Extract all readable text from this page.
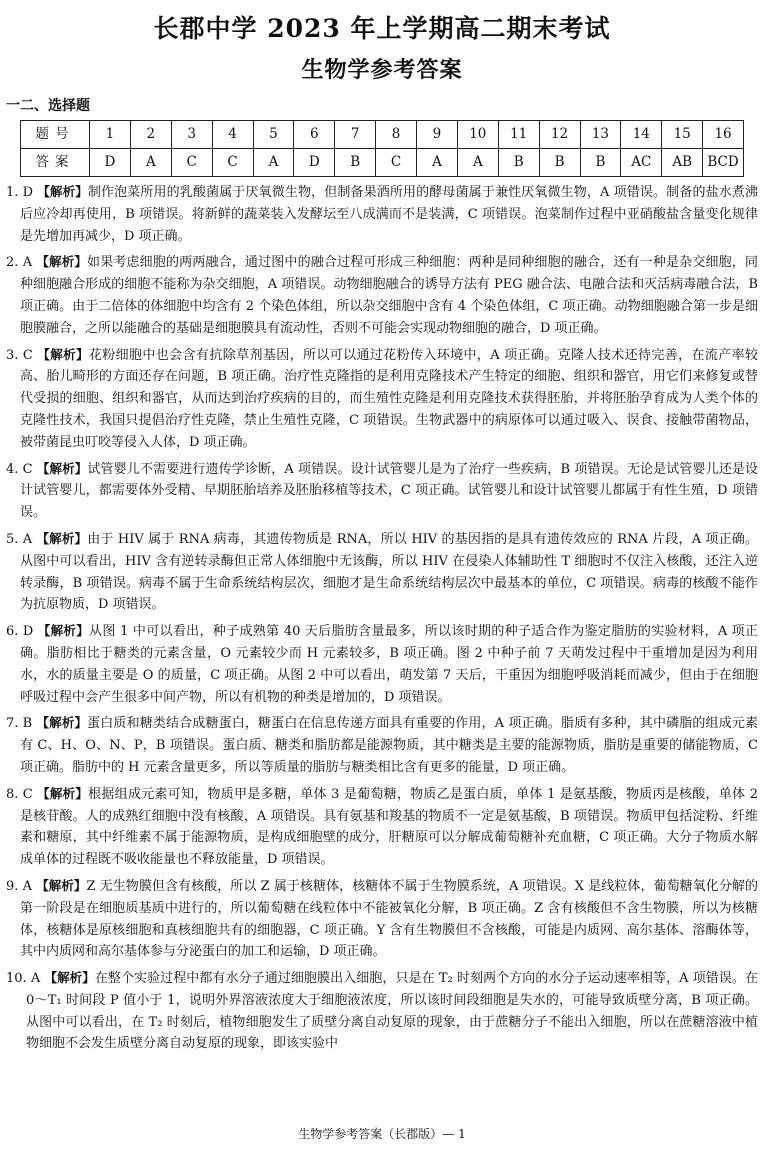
长郡中学 2023 年上学期高二期末考试
生物学参考答案
一二、选择题
题号	1	2	3	4	5	6	7	8	9	10	11	12	13	14	15	16
答案	D	A	C	C	A	D	B	C	A	A	B	B	B	AC	AB	BCD

1. D 【解析】制作泡菜所用的乳酸菌属于厌氧微生物，但制备果酒所用的酵母菌属于兼性厌氧微生物，A 项错误。制备的盐水煮沸后应冷却再使用，B 项错误。将新鲜的蔬菜装入发酵坛至八成满而不是装满，C 项错误。泡菜制作过程中亚硝酸盐含量变化规律是先增加再减少，D 项正确。

2. A 【解析】如果考虑细胞的两两融合，通过图中的融合过程可形成三种细胞：两种是同种细胞的融合，还有一种是杂交细胞，同种细胞融合形成的细胞不能称为杂交细胞，A 项错误。动物细胞融合的诱导方法有 PEG 融合法、电融合法和灭活病毒融合法，B 项正确。由于二倍体的体细胞中均含有 2 个染色体组，所以杂交细胞中含有 4 个染色体组，C 项正确。动物细胞融合第一步是细胞膜融合，之所以能融合的基础是细胞膜具有流动性，否则不可能会实现动物细胞的融合，D 项正确。

3. C 【解析】花粉细胞中也会含有抗除草剂基因，所以可以通过花粉传入环境中，A 项正确。克隆人技术还待完善，在流产率较高、胎儿畸形的方面还存在问题，B 项正确。治疗性克隆指的是利用克隆技术产生特定的细胞、组织和器官，用它们来修复或替代受损的细胞、组织和器官，从而达到治疗疾病的目的，而生殖性克隆是利用克隆技术获得胚胎，并将胚胎孕育成为人类个体的克隆性技术，我国只提倡治疗性克隆，禁止生殖性克隆，C 项错误。生物武器中的病原体可以通过吸入、误食、接触带菌物品，被带菌昆虫叮咬等侵入人体，D 项正确。

4. C 【解析】试管婴儿不需要进行遗传学诊断，A 项错误。设计试管婴儿是为了治疗一些疾病，B 项错误。无论是试管婴儿还是设计试管婴儿，都需要体外受精、早期胚胎培养及胚胎移植等技术，C 项正确。试管婴儿和设计试管婴儿都属于有性生殖，D 项错误。

5. A 【解析】由于 HIV 属于 RNA 病毒，其遗传物质是 RNA，所以 HIV 的基因指的是具有遗传效应的 RNA 片段，A 项正确。从图中可以看出，HIV 含有逆转录酶但正常人体细胞中无该酶，所以 HIV 在侵染人体辅助性 T 细胞时不仅注入核酸，还注入逆转录酶，B 项错误。病毒不属于生命系统结构层次，细胞才是生命系统结构层次中最基本的单位，C 项错误。病毒的核酸不能作为抗原物质，D 项错误。

6. D 【解析】从图 1 中可以看出，种子成熟第 40 天后脂肪含量最多，所以该时期的种子适合作为鉴定脂肪的实验材料，A 项正确。脂肪相比于糖类的元素含量，O 元素较少而 H 元素较多，B 项正确。图 2 中种子前 7 天萌发过程中干重增加是因为利用水，水的质量主要是 O 的质量，C 项正确。从图 2 中可以看出，萌发第 7 天后，干重因为细胞呼吸消耗而减少，但由于在细胞呼吸过程中会产生很多中间产物，所以有机物的种类是增加的，D 项错误。

7. B 【解析】蛋白质和糖类结合成糖蛋白，糖蛋白在信息传递方面具有重要的作用，A 项正确。脂质有多种，其中磷脂的组成元素有 C、H、O、N、P，B 项错误。蛋白质、糖类和脂肪都是能源物质，其中糖类是主要的能源物质，脂肪是重要的储能物质，C 项正确。脂肪中的 H 元素含量更多，所以等质量的脂肪与糖类相比含有更多的能量，D 项正确。

8. C 【解析】根据组成元素可知，物质甲是多糖，单体 3 是葡萄糖，物质乙是蛋白质，单体 1 是氨基酸，物质丙是核酸，单体 2 是核苷酸。人的成熟红细胞中没有核酸，A 项错误。具有氨基和羧基的物质不一定是氨基酸，B 项错误。物质甲包括淀粉、纤维素和糖原，其中纤维素不属于能源物质，是构成细胞壁的成分，肝糖原可以分解成葡萄糖补充血糖，C 项正确。大分子物质水解成单体的过程既不吸收能量也不释放能量，D 项错误。

9. A 【解析】Z 无生物膜但含有核酸，所以 Z 属于核糖体，核糖体不属于生物膜系统，A 项错误。X 是线粒体，葡萄糖氧化分解的第一阶段是在细胞质基质中进行的，所以葡萄糖在线粒体中不能被氧化分解，B 项正确。Z 含有核酸但不含生物膜，所以为核糖体，核糖体是原核细胞和真核细胞共有的细胞器，C 项正确。Y 含有生物膜但不含核酸，可能是内质网、高尔基体、溶酶体等，其中内质网和高尔基体参与分泌蛋白的加工和运输，D 项正确。

10. A 【解析】在整个实验过程中都有水分子通过细胞膜出入细胞，只是在 T₂ 时刻两个方向的水分子运动速率相等，A 项错误。在 0～T₁ 时间段 P 值小于 1，说明外界溶液浓度大于细胞液浓度，所以该时间段细胞是失水的，可能导致质壁分离，B 项正确。从图中可以看出，在 T₂ 时刻后，植物细胞发生了质壁分离自动复原的现象，由于蔗糖分子不能出入细胞，所以在蔗糖溶液中植物细胞不会发生质壁分离自动复原的现象，即该实验中

生物学参考答案（长郡版）— 1
